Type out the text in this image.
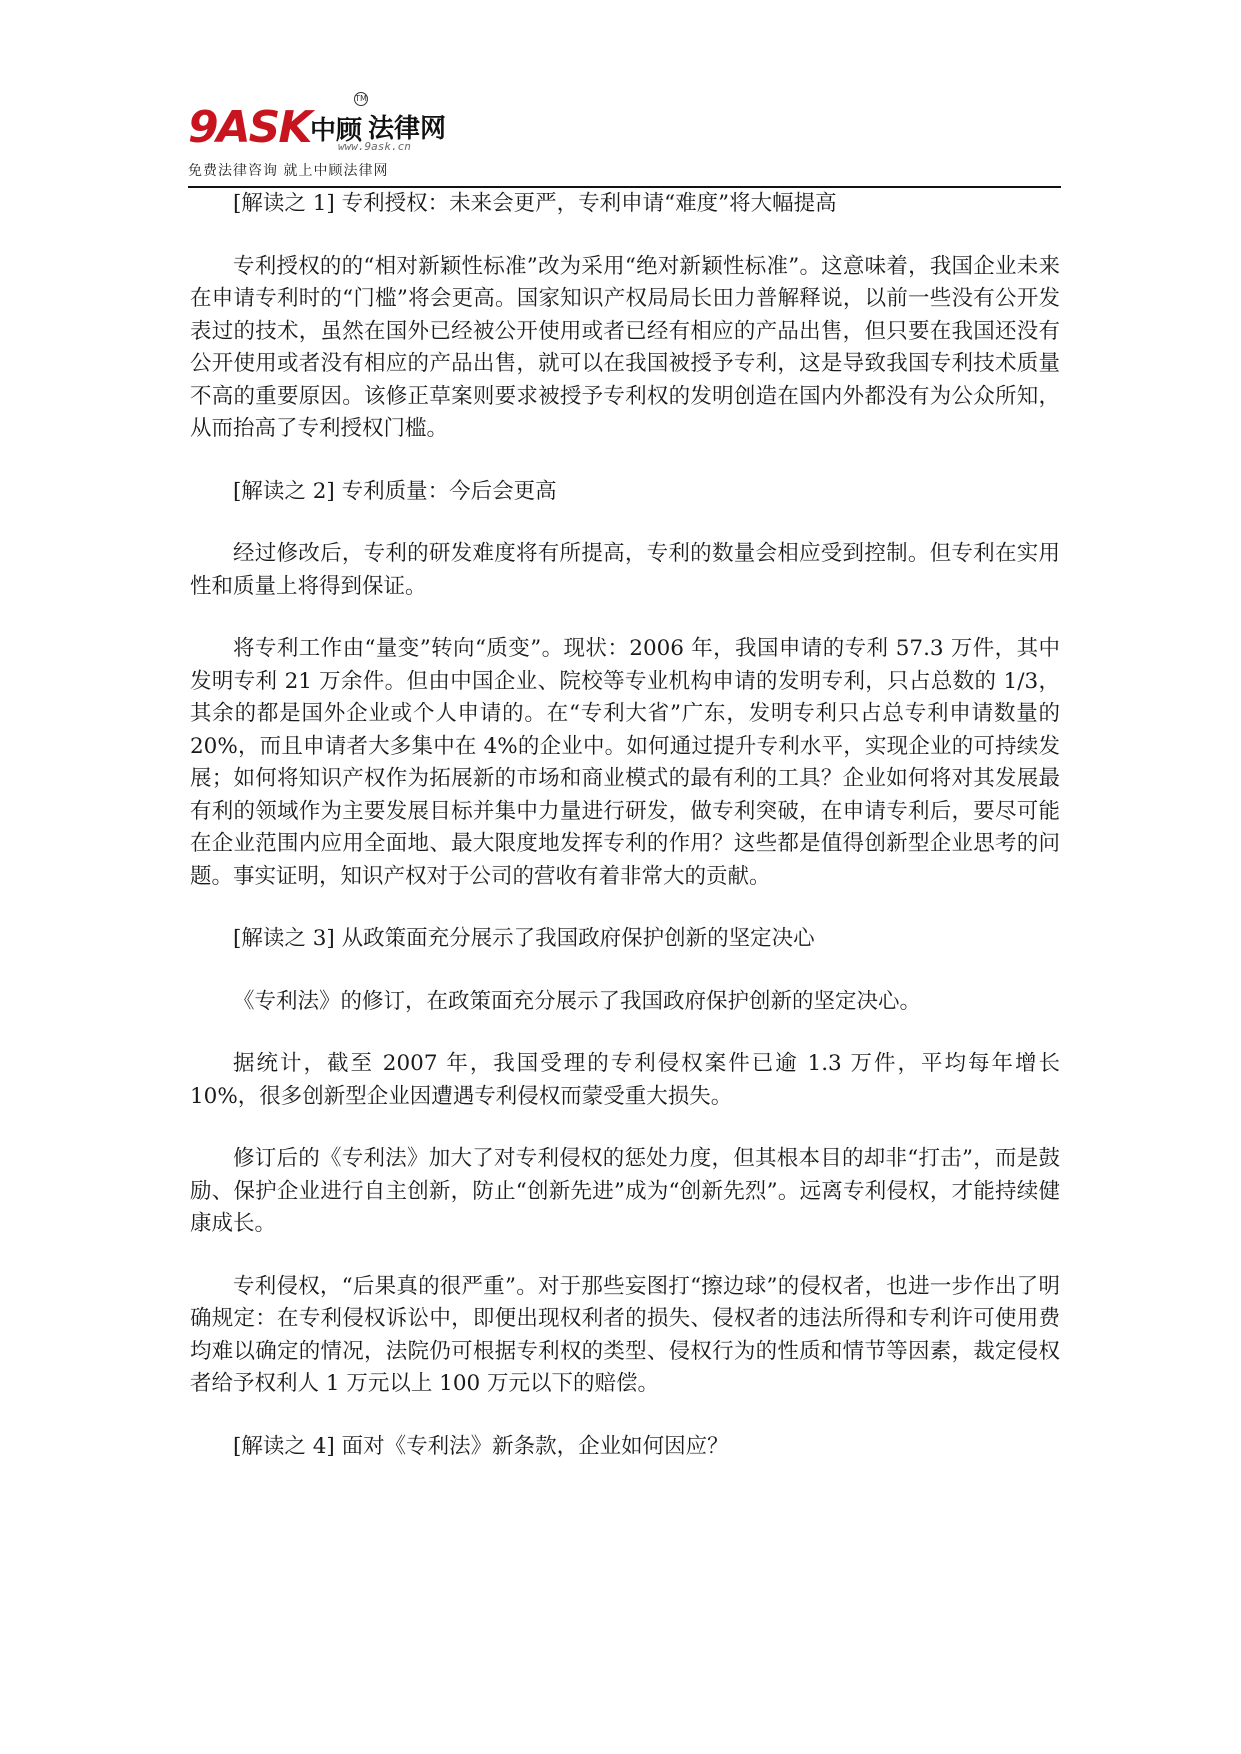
9ASK 中顾 法律网
TM
www.9ask.cn
免费法律咨询 就上中顾法律网

[解读之 1] 专利授权：未来会更严，专利申请“难度”将大幅提高

专利授权的的“相对新颖性标准”改为采用“绝对新颖性标准”。这意味着，我国企业未来在申请专利时的“门槛”将会更高。国家知识产权局局长田力普解释说，以前一些没有公开发表过的技术，虽然在国外已经被公开使用或者已经有相应的产品出售，但只要在我国还没有公开使用或者没有相应的产品出售，就可以在我国被授予专利，这是导致我国专利技术质量不高的重要原因。该修正草案则要求被授予专利权的发明创造在国内外都没有为公众所知，从而抬高了专利授权门槛。

[解读之 2] 专利质量：今后会更高

经过修改后，专利的研发难度将有所提高，专利的数量会相应受到控制。但专利在实用性和质量上将得到保证。

将专利工作由“量变”转向“质变”。现状：2006 年，我国申请的专利 57.3 万件，其中发明专利 21 万余件。但由中国企业、院校等专业机构申请的发明专利，只占总数的 1/3，其余的都是国外企业或个人申请的。在“专利大省”广东，发明专利只占总专利申请数量的 20%，而且申请者大多集中在 4%的企业中。如何通过提升专利水平，实现企业的可持续发展；如何将知识产权作为拓展新的市场和商业模式的最有利的工具？企业如何将对其发展最有利的领域作为主要发展目标并集中力量进行研发，做专利突破，在申请专利后，要尽可能在企业范围内应用全面地、最大限度地发挥专利的作用？这些都是值得创新型企业思考的问题。事实证明，知识产权对于公司的营收有着非常大的贡献。

[解读之 3] 从政策面充分展示了我国政府保护创新的坚定决心

《专利法》的修订，在政策面充分展示了我国政府保护创新的坚定决心。

据统计，截至 2007 年，我国受理的专利侵权案件已逾 1.3 万件，平均每年增长 10%，很多创新型企业因遭遇专利侵权而蒙受重大损失。

修订后的《专利法》加大了对专利侵权的惩处力度，但其根本目的却非“打击”，而是鼓励、保护企业进行自主创新，防止“创新先进”成为“创新先烈”。远离专利侵权，才能持续健康成长。

专利侵权，“后果真的很严重”。对于那些妄图打“擦边球”的侵权者，也进一步作出了明确规定：在专利侵权诉讼中，即便出现权利者的损失、侵权者的违法所得和专利许可使用费均难以确定的情况，法院仍可根据专利权的类型、侵权行为的性质和情节等因素，裁定侵权者给予权利人 1 万元以上 100 万元以下的赔偿。

[解读之 4] 面对《专利法》新条款，企业如何因应？
